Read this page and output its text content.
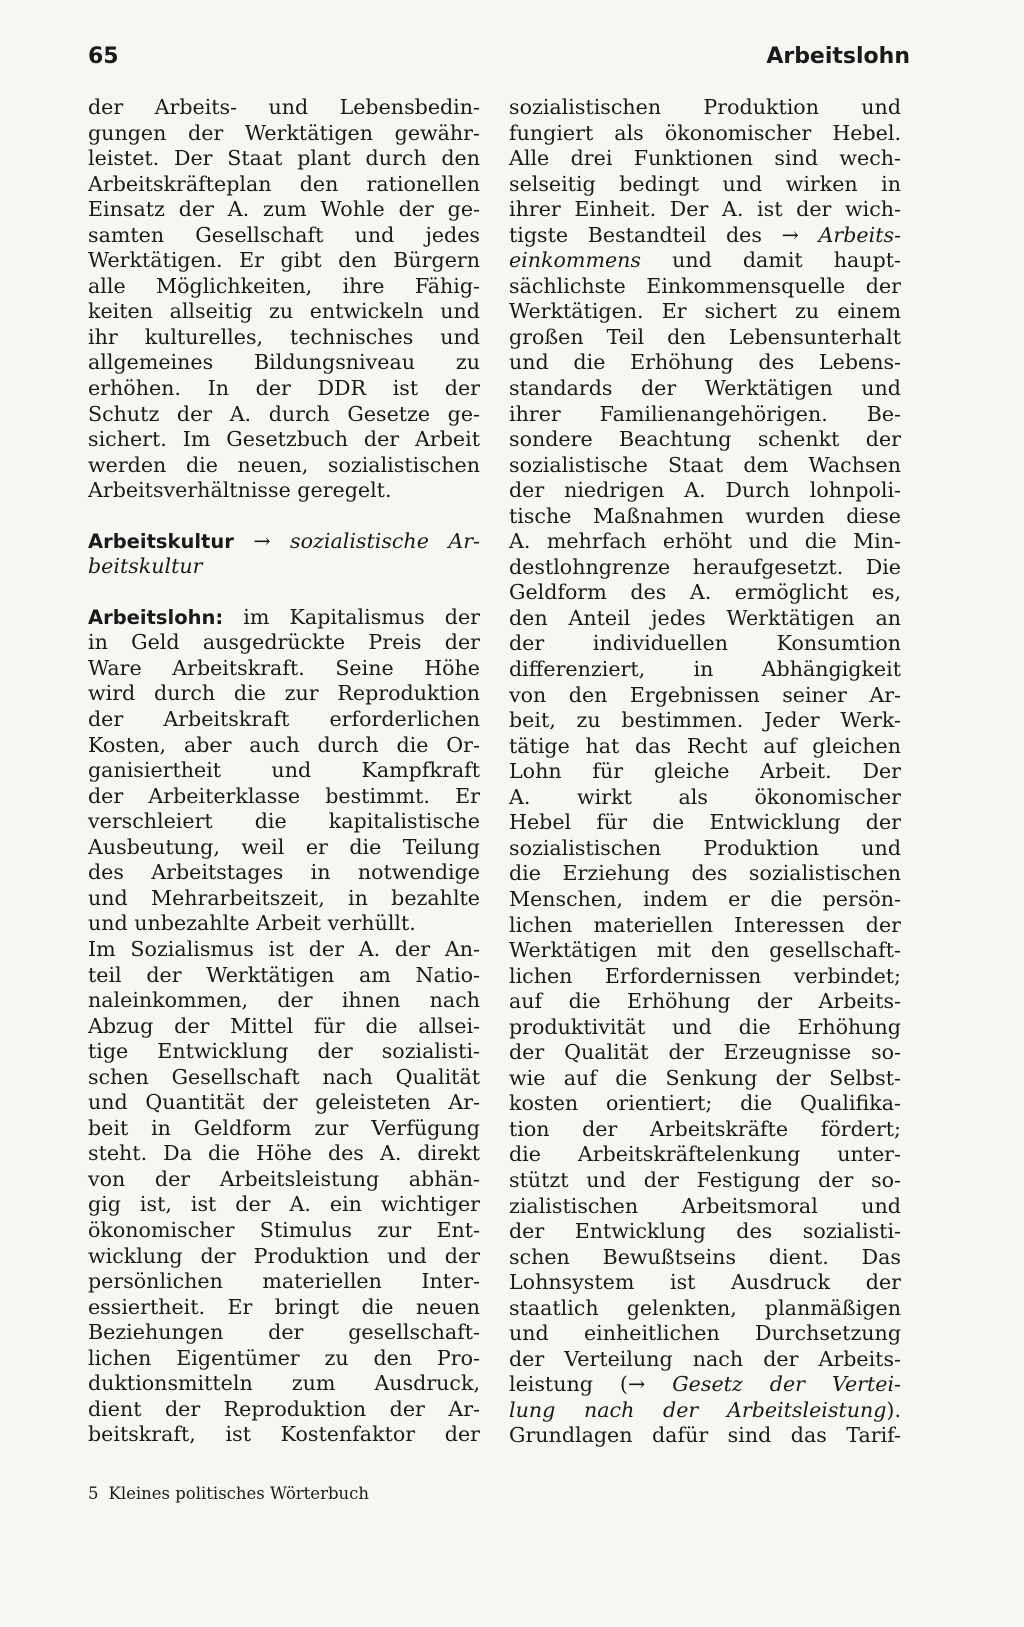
65	Arbeitslohn
der Arbeits- und Lebensbedin-
gungen der Werktätigen gewähr-
leistet. Der Staat plant durch den
Arbeitskräfteplan den rationellen
Einsatz der A. zum Wohle der ge-
samten Gesellschaft und jedes
Werktätigen. Er gibt den Bürgern
alle Möglichkeiten, ihre Fähig-
keiten allseitig zu entwickeln und
ihr kulturelles, technisches und
allgemeines Bildungsniveau zu
erhöhen. In der DDR ist der
Schutz der A. durch Gesetze ge-
sichert. Im Gesetzbuch der Arbeit
werden die neuen, sozialistischen
Arbeitsverhältnisse geregelt.
Arbeitskultur → sozialistische Ar-
beitskultur
Arbeitslohn: im Kapitalismus der
in Geld ausgedrückte Preis der
Ware Arbeitskraft. Seine Höhe
wird durch die zur Reproduktion
der Arbeitskraft erforderlichen
Kosten, aber auch durch die Or-
ganisiertheit und Kampfkraft
der Arbeiterklasse bestimmt. Er
verschleiert die kapitalistische
Ausbeutung, weil er die Teilung
des Arbeitstages in notwendige
und Mehrarbeitszeit, in bezahlte
und unbezahlte Arbeit verhüllt.
Im Sozialismus ist der A. der An-
teil der Werktätigen am Natio-
naleinkommen, der ihnen nach
Abzug der Mittel für die allsei-
tige Entwicklung der sozialisti-
schen Gesellschaft nach Qualität
und Quantität der geleisteten Ar-
beit in Geldform zur Verfügung
steht. Da die Höhe des A. direkt
von der Arbeitsleistung abhän-
gig ist, ist der A. ein wichtiger
ökonomischer Stimulus zur Ent-
wicklung der Produktion und der
persönlichen materiellen Inter-
essiertheit. Er bringt die neuen
Beziehungen der gesellschaft-
lichen Eigentümer zu den Pro-
duktionsmitteln zum Ausdruck,
dient der Reproduktion der Ar-
beitskraft, ist Kostenfaktor der
sozialistischen Produktion und
fungiert als ökonomischer Hebel.
Alle drei Funktionen sind wech-
selseitig bedingt und wirken in
ihrer Einheit. Der A. ist der wich-
tigste Bestandteil des → Arbeits-
einkommens und damit haupt-
sächlichste Einkommensquelle der
Werktätigen. Er sichert zu einem
großen Teil den Lebensunterhalt
und die Erhöhung des Lebens-
standards der Werktätigen und
ihrer Familienangehörigen. Be-
sondere Beachtung schenkt der
sozialistische Staat dem Wachsen
der niedrigen A. Durch lohnpoli-
tische Maßnahmen wurden diese
A. mehrfach erhöht und die Min-
destlohngrenze heraufgesetzt. Die
Geldform des A. ermöglicht es,
den Anteil jedes Werktätigen an
der individuellen Konsumtion
differenziert, in Abhängigkeit
von den Ergebnissen seiner Ar-
beit, zu bestimmen. Jeder Werk-
tätige hat das Recht auf gleichen
Lohn für gleiche Arbeit. Der
A. wirkt als ökonomischer
Hebel für die Entwicklung der
sozialistischen Produktion und
die Erziehung des sozialistischen
Menschen, indem er die persön-
lichen materiellen Interessen der
Werktätigen mit den gesellschaft-
lichen Erfordernissen verbindet;
auf die Erhöhung der Arbeits-
produktivität und die Erhöhung
der Qualität der Erzeugnisse so-
wie auf die Senkung der Selbst-
kosten orientiert; die Qualifika-
tion der Arbeitskräfte fördert;
die Arbeitskräftelenkung unter-
stützt und der Festigung der so-
zialistischen Arbeitsmoral und
der Entwicklung des sozialisti-
schen Bewußtseins dient. Das
Lohnsystem ist Ausdruck der
staatlich gelenkten, planmäßigen
und einheitlichen Durchsetzung
der Verteilung nach der Arbeits-
leistung (→ Gesetz der Vertei-
lung nach der Arbeitsleistung).
Grundlagen dafür sind das Tarif-
5 Kleines politisches Wörterbuch
